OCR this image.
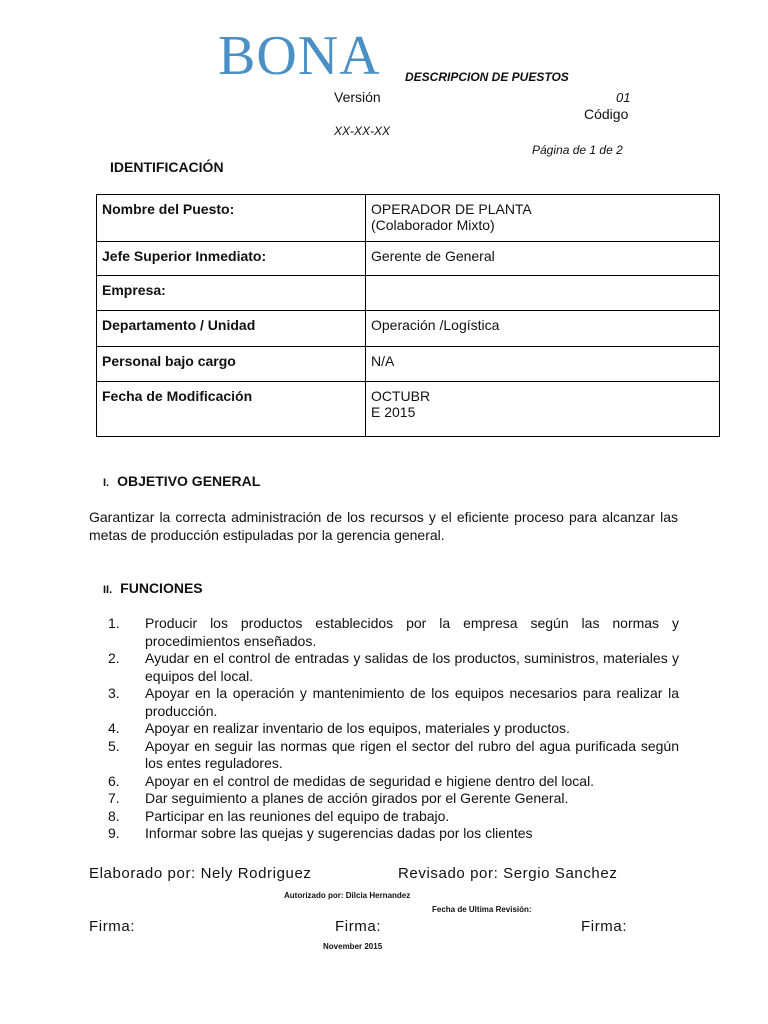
BONA DESCRIPCION DE PUESTOS
Versión	01
Código
XX-XX-XX
Página de 1 de 2
IDENTIFICACIÓN
Nombre del Puesto:	OPERADOR DE PLANTA
(Colaborador Mixto)
Jefe Superior Inmediato:	Gerente de General
Empresa:	
Departamento / Unidad	Operación /Logística
Personal bajo cargo	N/A
Fecha de Modificación	OCTUBR
E 2015
I. OBJETIVO GENERAL
Garantizar la correcta administración de los recursos y el eficiente proceso para alcanzar las metas de producción estipuladas por la gerencia general.
II. FUNCIONES
1.	Producir los productos establecidos por la empresa según las normas y procedimientos enseñados.
2.	Ayudar en el control de entradas y salidas de los productos, suministros, materiales y equipos del local.
3.	Apoyar en la operación y mantenimiento de los equipos necesarios para realizar la producción.
4.	Apoyar en realizar inventario de los equipos, materiales y productos.
5.	Apoyar en seguir las normas que rigen el sector del rubro del agua purificada según los entes reguladores.
6.	Apoyar en el control de medidas de seguridad e higiene dentro del local.
7.	Dar seguimiento a planes de acción girados por el Gerente General.
8.	Participar en las reuniones del equipo de trabajo.
9.	Informar sobre las quejas y sugerencias dadas por los clientes
Elaborado por: Nely Rodriguez	Revisado por: Sergio Sanchez
Autorizado por: Dilcia Hernandez
Fecha de Ultima Revisión:
Firma:	Firma:	Firma:
November 2015
